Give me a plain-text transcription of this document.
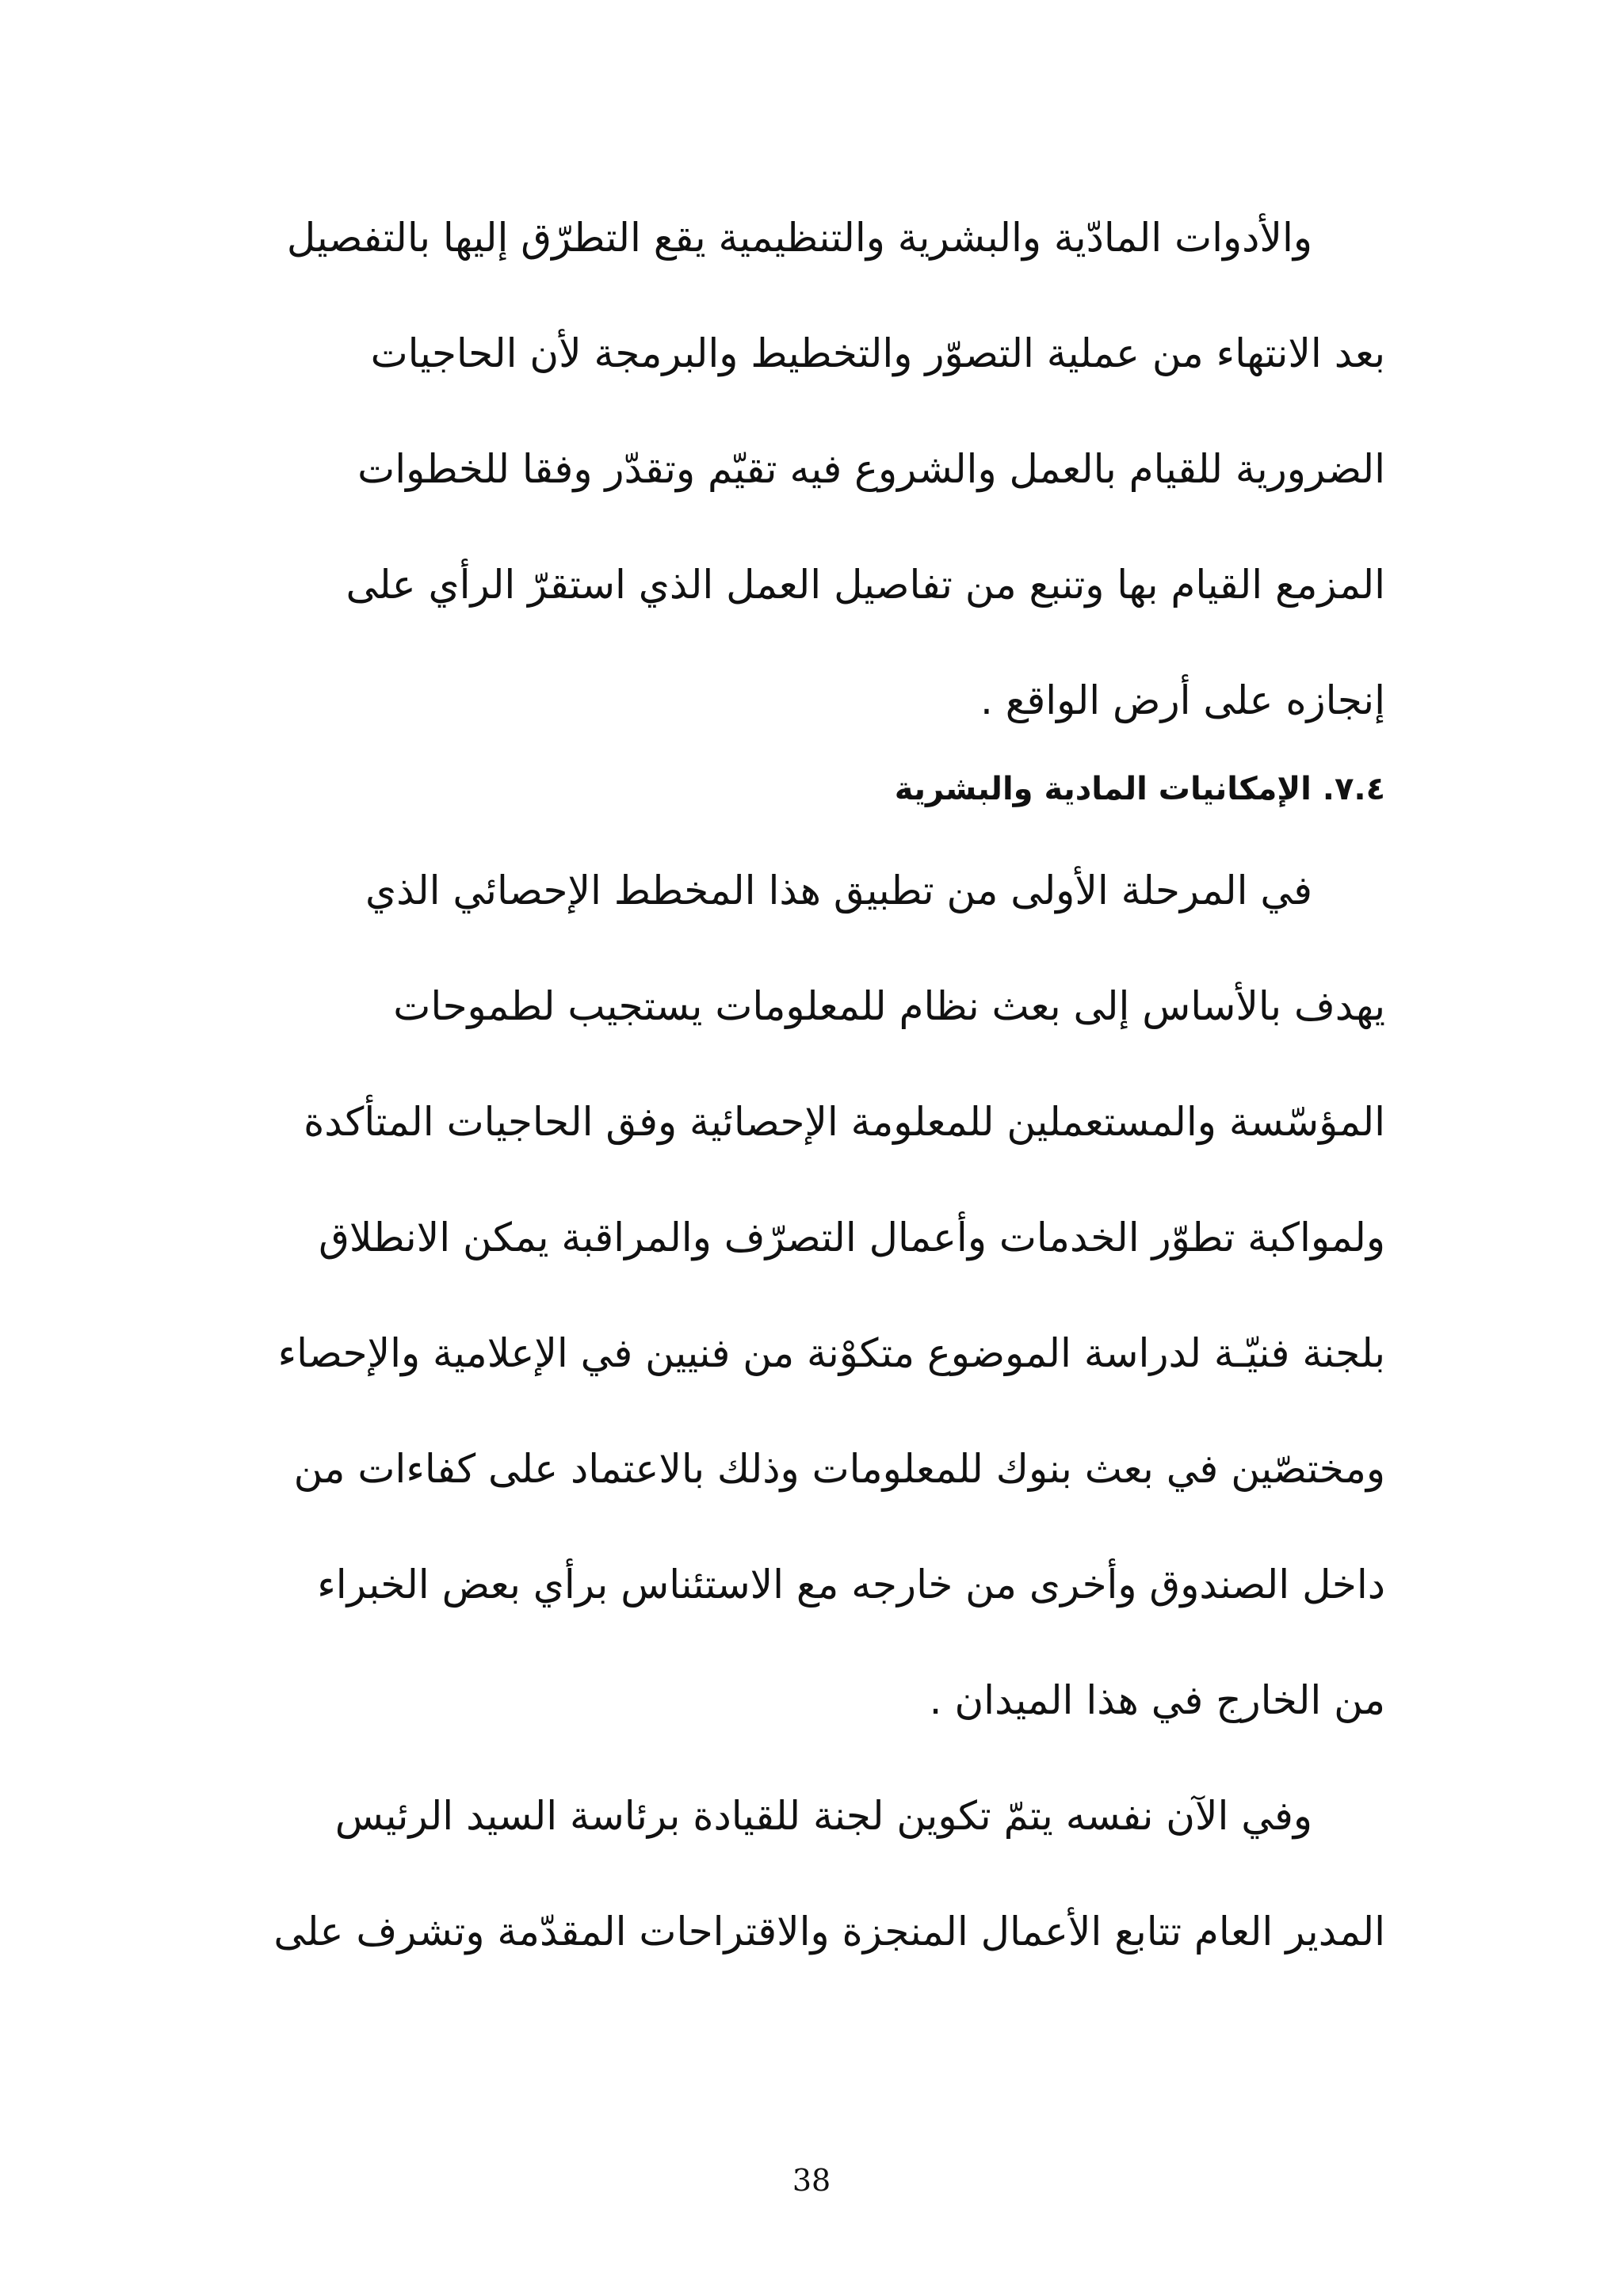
والأدوات المادّية والبشرية والتنظيمية يقع التطرّق إليها بالتفصيل
بعد الانتهاء من عملية التصوّر والتخطيط والبرمجة لأن الحاجيات
الضرورية للقيام بالعمل والشروع فيه تقيّم وتقدّر وفقا للخطوات
المزمع القيام بها وتنبع من تفاصيل العمل الذي استقرّ الرأي على
إنجازه على أرض الواقع .
٧.٤. الإمكانيات المادية والبشرية
في المرحلة الأولى من تطبيق هذا المخطط الإحصائي الذي
يهدف بالأساس إلى بعث نظام للمعلومات يستجيب لطموحات
المؤسّسة والمستعملين للمعلومة الإحصائية وفق الحاجيات المتأكدة
ولمواكبة تطوّر الخدمات وأعمال التصرّف والمراقبة يمكن الانطلاق
بلجنة فنيّـة لدراسة الموضوع متكوْنة من فنيين في الإعلامية والإحصاء
ومختصّين في بعث بنوك للمعلومات وذلك بالاعتماد على كفاءات من
داخل الصندوق وأخرى من خارجه مع الاستئناس برأي بعض الخبراء
من الخارج في هذا الميدان .
وفي الآن نفسه يتمّ تكوين لجنة للقيادة برئاسة السيد الرئيس
المدير العام تتابع الأعمال المنجزة والاقتراحات المقدّمة وتشرف على
38
